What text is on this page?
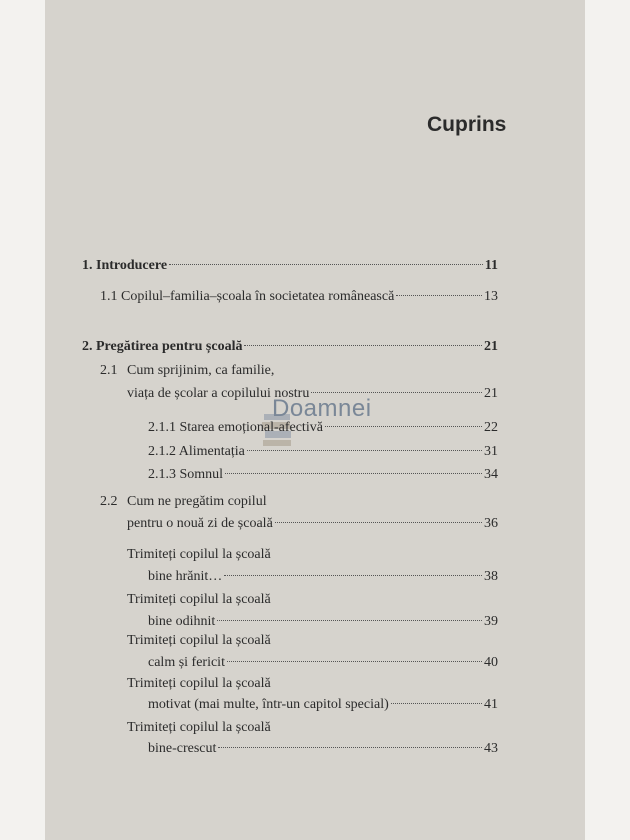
Doamnei
Cuprins
1. Introducere	11
1.1 Copilul–familia–școala în societatea românească	13
2. Pregătirea pentru școală	21
2.1 Cum sprijinim, ca familie,
viața de școlar a copilului nostru	21
2.1.1 Starea emoțional-afectivă	22
2.1.2 Alimentația	31
2.1.3 Somnul	34
2.2 Cum ne pregătim copilul
pentru o nouă zi de școală	36
Trimiteți copilul la școală
bine hrănit…	38
Trimiteți copilul la școală
bine odihnit	39
Trimiteți copilul la școală
calm și fericit	40
Trimiteți copilul la școală
motivat (mai multe, într-un capitol special)	41
Trimiteți copilul la școală
bine-crescut	43
